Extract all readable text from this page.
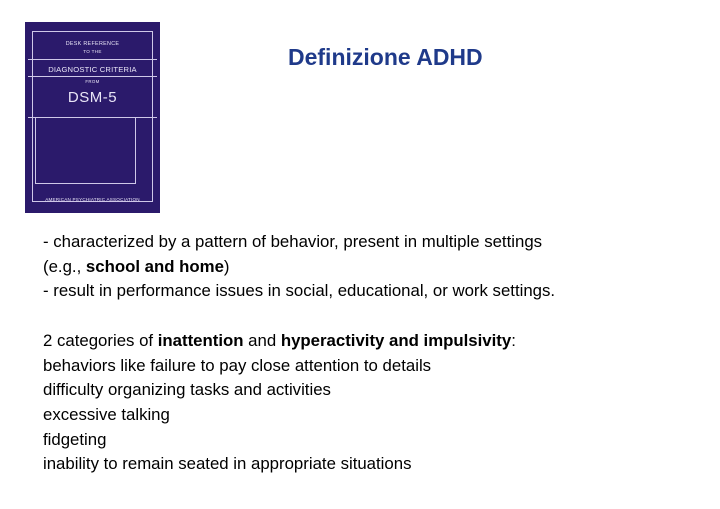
DESK REFERENCE
TO THE
DIAGNOSTIC CRITERIA
FROM
DSM-5
AMERICAN PSYCHIATRIC ASSOCIATION
Definizione ADHD
- characterized by a pattern of behavior, present in multiple settings
(e.g., school and home)
- result in performance issues in social, educational, or work settings.
2 categories of inattention and hyperactivity and impulsivity:
behaviors like failure to pay close attention to details
difficulty organizing tasks and activities
excessive talking
fidgeting
inability to remain seated in appropriate situations
